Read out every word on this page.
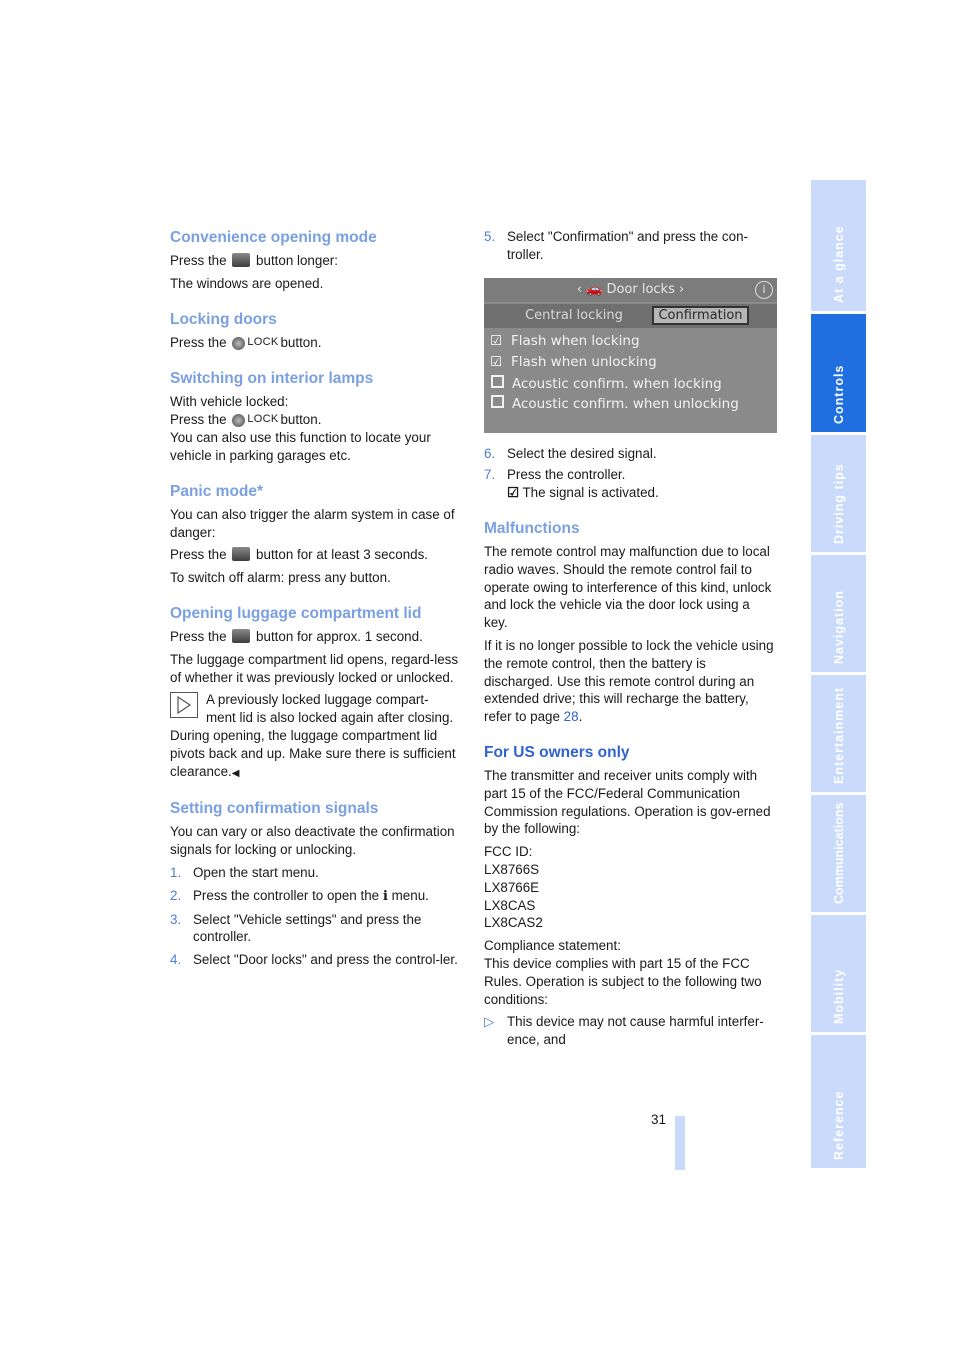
Convenience opening mode

Press the button longer:

The windows are opened.

Locking doors

Press the LOCK button.

Switching on interior lamps

With vehicle locked:

Press the LOCK button.

You can also use this function to locate your vehicle in parking garages etc.

Panic mode*

You can also trigger the alarm system in case of danger:

Press the button for at least 3 seconds.

To switch off alarm: press any button.

Opening luggage compartment lid

Press the button for approx. 1 second.

The luggage compartment lid opens, regard-less of whether it was previously locked or unlocked.

A previously locked luggage compart-

ment lid is also locked again after closing.

During opening, the luggage compartment lid pivots back and up. Make sure there is sufficient clearance.◀

Setting confirmation signals

You can vary or also deactivate the confirmation signals for locking or unlocking.

1. Open the start menu.
2. Press the controller to open the i menu.
3. Select "Vehicle settings" and press the controller.
4. Select "Door locks" and press the control-ler.
5. Select "Confirmation" and press the con-troller.
‹ 🚗 Door locks ›	i
Central locking	Confirmation
☑ Flash when locking
☑ Flash when unlocking
Acoustic confirm. when locking
Acoustic confirm. when unlocking
6. Select the desired signal.
7. Press the controller.
☑ The signal is activated.
Malfunctions

The remote control may malfunction due to local radio waves. Should the remote control fail to operate owing to interference of this kind, unlock and lock the vehicle via the door lock using a key.

If it is no longer possible to lock the vehicle using the remote control, then the battery is discharged. Use this remote control during an extended drive; this will recharge the battery, refer to page 28.

For US owners only

The transmitter and receiver units comply with part 15 of the FCC/Federal Communication Commission regulations. Operation is gov-erned by the following:

FCC ID:

LX8766S

LX8766E

LX8CAS

LX8CAS2

Compliance statement:

This device complies with part 15 of the FCC Rules. Operation is subject to the following two conditions:

▷ This device may not cause harmful interfer-ence, and
At a glance
Controls
Driving tips
Navigation
Entertainment
Communications
Mobility
Reference
31
